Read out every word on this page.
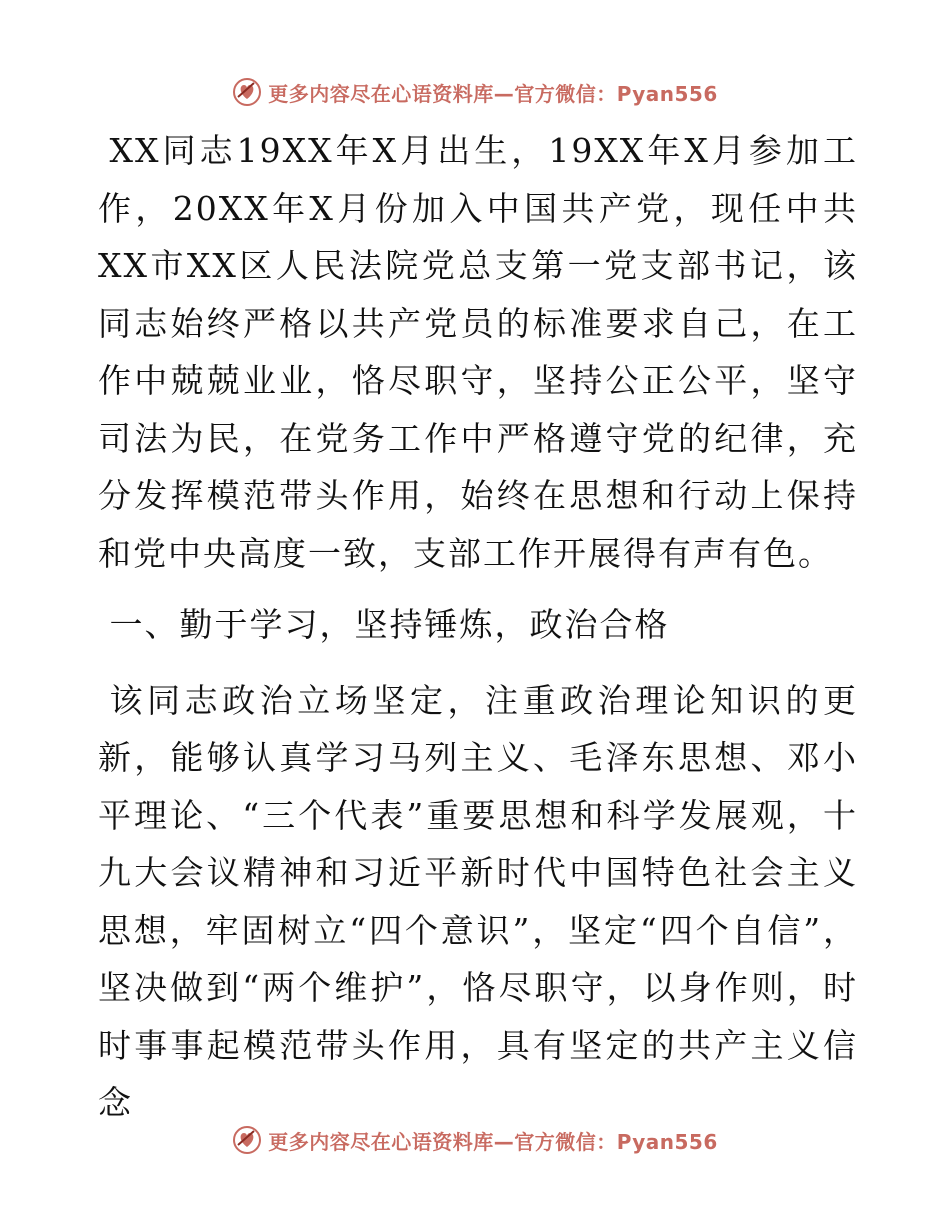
更多内容尽在心语资料库—官方微信：Pyan556

XX同志19XX年X月出生，19XX年X月参加工作，20XX年X月份加入中国共产党，现任中共XX市XX区人民法院党总支第一党支部书记，该同志始终严格以共产党员的标准要求自己，在工作中兢兢业业，恪尽职守，坚持公正公平，坚守司法为民，在党务工作中严格遵守党的纪律，充分发挥模范带头作用，始终在思想和行动上保持和党中央高度一致，支部工作开展得有声有色。

一、勤于学习，坚持锤炼，政治合格

该同志政治立场坚定，注重政治理论知识的更新，能够认真学习马列主义、毛泽东思想、邓小平理论、“三个代表”重要思想和科学发展观，十九大会议精神和习近平新时代中国特色社会主义思想，牢固树立“四个意识”，坚定“四个自信”，坚决做到“两个维护”，恪尽职守，以身作则，时时事事起模范带头作用，具有坚定的共产主义信念

更多内容尽在心语资料库—官方微信：Pyan556
